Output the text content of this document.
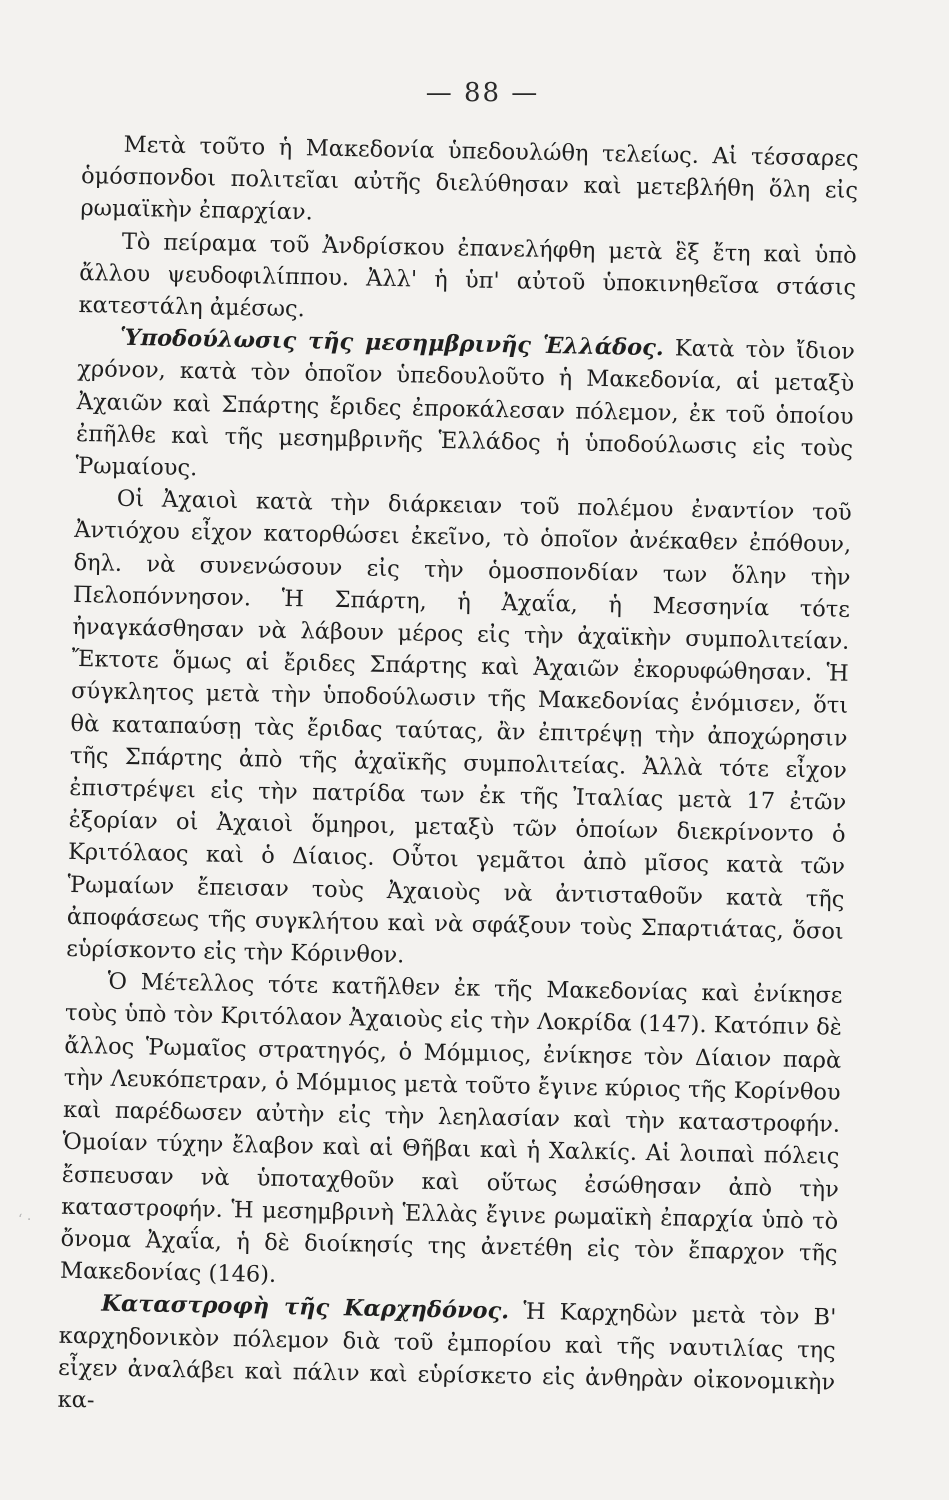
— 88 —

Μετὰ τοῦτο ἡ Μακεδονία ὑπεδουλώθη τελείως. Αἱ τέσσαρες ὁμόσπονδοι πολιτεῖαι αὐτῆς διελύθησαν καὶ μετεβλήθη ὅλη εἰς ρωμαϊκὴν ἐπαρχίαν.

Τὸ πείραμα τοῦ Ἀνδρίσκου ἐπανελήφθη μετὰ ἓξ ἔτη καὶ ὑπὸ ἄλλου ψευδοφιλίππου. Ἀλλ' ἡ ὑπ' αὐτοῦ ὑποκινηθεῖσα στάσις κατεστάλη ἀμέσως.

Ὑποδούλωσις τῆς μεσημβρινῆς Ἑλλάδος. Κατὰ τὸν ἴδιον χρόνον, κατὰ τὸν ὁποῖον ὑπεδουλοῦτο ἡ Μακεδονία, αἱ μεταξὺ Ἀχαιῶν καὶ Σπάρτης ἔριδες ἐπροκάλεσαν πόλεμον, ἐκ τοῦ ὁποίου ἐπῆλθε καὶ τῆς μεσημβρινῆς Ἑλλάδος ἡ ὑποδούλωσις εἰς τοὺς Ῥωμαίους.

Οἱ Ἀχαιοὶ κατὰ τὴν διάρκειαν τοῦ πολέμου ἐναντίον τοῦ Ἀντιόχου εἶχον κατορθώσει ἐκεῖνο, τὸ ὁποῖον ἀνέκαθεν ἐπόθουν, δηλ. νὰ συνενώσουν εἰς τὴν ὁμοσπονδίαν των ὅλην τὴν Πελοπόννησον. Ἡ Σπάρτη, ἡ Ἀχαΐα, ἡ Μεσσηνία τότε ἠναγκάσθησαν νὰ λάβουν μέρος εἰς τὴν ἀχαϊκὴν συμπολιτείαν. Ἔκτοτε ὅμως αἱ ἔριδες Σπάρτης καὶ Ἀχαιῶν ἐκορυφώθησαν. Ἡ σύγκλητος μετὰ τὴν ὑποδούλωσιν τῆς Μακεδονίας ἐνόμισεν, ὅτι θὰ καταπαύσῃ τὰς ἔριδας ταύτας, ἂν ἐπιτρέψῃ τὴν ἀποχώρησιν τῆς Σπάρτης ἀπὸ τῆς ἀχαϊκῆς συμπολιτείας. Ἀλλὰ τότε εἶχον ἐπιστρέψει εἰς τὴν πατρίδα των ἐκ τῆς Ἰταλίας μετὰ 17 ἐτῶν ἐξορίαν οἱ Ἀχαιοὶ ὅμηροι, μεταξὺ τῶν ὁποίων διεκρίνοντο ὁ Κριτόλαος καὶ ὁ Δίαιος. Οὗτοι γεμᾶτοι ἀπὸ μῖσος κατὰ τῶν Ῥωμαίων ἔπεισαν τοὺς Ἀχαιοὺς νὰ ἀντισταθοῦν κατὰ τῆς ἀποφάσεως τῆς συγκλήτου καὶ νὰ σφάξουν τοὺς Σπαρτιάτας, ὅσοι εὑρίσκοντο εἰς τὴν Κόρινθον.

Ὁ Μέτελλος τότε κατῆλθεν ἐκ τῆς Μακεδονίας καὶ ἐνίκησε τοὺς ὑπὸ τὸν Κριτόλαον Ἀχαιοὺς εἰς τὴν Λοκρίδα (147). Κατόπιν δὲ ἄλλος Ῥωμαῖος στρατηγός, ὁ Μόμμιος, ἐνίκησε τὸν Δίαιον παρὰ τὴν Λευκόπετραν, ὁ Μόμμιος μετὰ τοῦτο ἔγινε κύριος τῆς Κορίνθου καὶ παρέδωσεν αὐτὴν εἰς τὴν λεηλασίαν καὶ τὴν καταστροφήν. Ὁμοίαν τύχην ἔλαβον καὶ αἱ Θῆβαι καὶ ἡ Χαλκίς. Αἱ λοιπαὶ πόλεις ἔσπευσαν νὰ ὑποταχθοῦν καὶ οὕτως ἐσώθησαν ἀπὸ τὴν καταστροφήν. Ἡ μεσημβρινὴ Ἑλλὰς ἔγινε ρωμαϊκὴ ἐπαρχία ὑπὸ τὸ ὄνομα Ἀχαΐα, ἡ δὲ διοίκησίς της ἀνετέθη εἰς τὸν ἔπαρχον τῆς Μακεδονίας (146).

Καταστροφὴ τῆς Καρχηδόνος. Ἡ Καρχηδὼν μετὰ τὸν Β' καρχηδονικὸν πόλεμον διὰ τοῦ ἐμπορίου καὶ τῆς ναυτιλίας της εἶχεν ἀναλάβει καὶ πάλιν καὶ εὑρίσκετο εἰς ἀνθηρὰν οἰκονομικὴν κα-

ʻ ·
